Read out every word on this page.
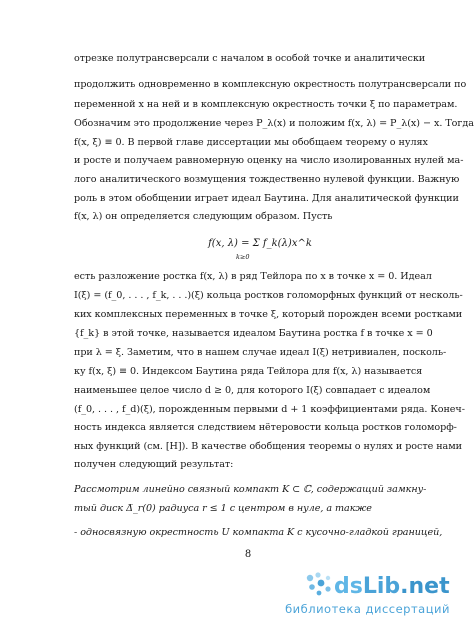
отрезке полутрансверсали с началом в особой точке и аналитически
продолжить одновременно в комплексную окрестность полутрансверсали по
переменной x на ней и в комплексную окрестность точки ξ по параметрам.
Обозначим это продолжение через P_λ(x) и положим f(x, λ) = P_λ(x) − x. Тогда
f(x, ξ) ≡ 0. В первой главе диссертации мы обобщаем теорему о нулях
и росте и получаем равномерную оценку на число изолированных нулей ма-
лого аналитического возмущения тождественно нулевой функции. Важную
роль в этом обобщении играет идеал Баутина. Для аналитической функции
f(x, λ) он определяется следующим образом. Пусть
f(x, λ) = Σ f_k(λ)x^k
k≥0
есть разложение ростка f(x, λ) в ряд Тейлора по x в точке x = 0. Идеал
I(ξ) = (f_0, . . . , f_k, . . .)(ξ) кольца ростков голоморфных функций от несколь-
ких комплексных переменных в точке ξ, который порожден всеми ростками
{f_k} в этой точке, называется идеалом Баутина ростка f в точке x = 0
при λ = ξ. Заметим, что в нашем случае идеал I(ξ) нетривиален, посколь-
ку f(x, ξ) ≡ 0. Индексом Баутина ряда Тейлора для f(x, λ) называется
наименьшее целое число d ≥ 0, для которого I(ξ) совпадает с идеалом
(f_0, . . . , f_d)(ξ), порожденным первыми d + 1 коэффициентами ряда. Конеч-
ность индекса является следствием нётеровости кольца ростков голоморф-
ных функций (см. [H]). В качестве обобщения теоремы о нулях и росте нами
получен следующий результат:
Рассмотрим линейно связный компакт K ⊂ ℂ, содержащий замкну-
тый диск Δ̅_r(0) радиуса r ≤ 1 с центром в нуле, а также
- односвязную окрестность U компакта K с кусочно-гладкой границей,
8
dsLib.net
библиотека диссертаций
